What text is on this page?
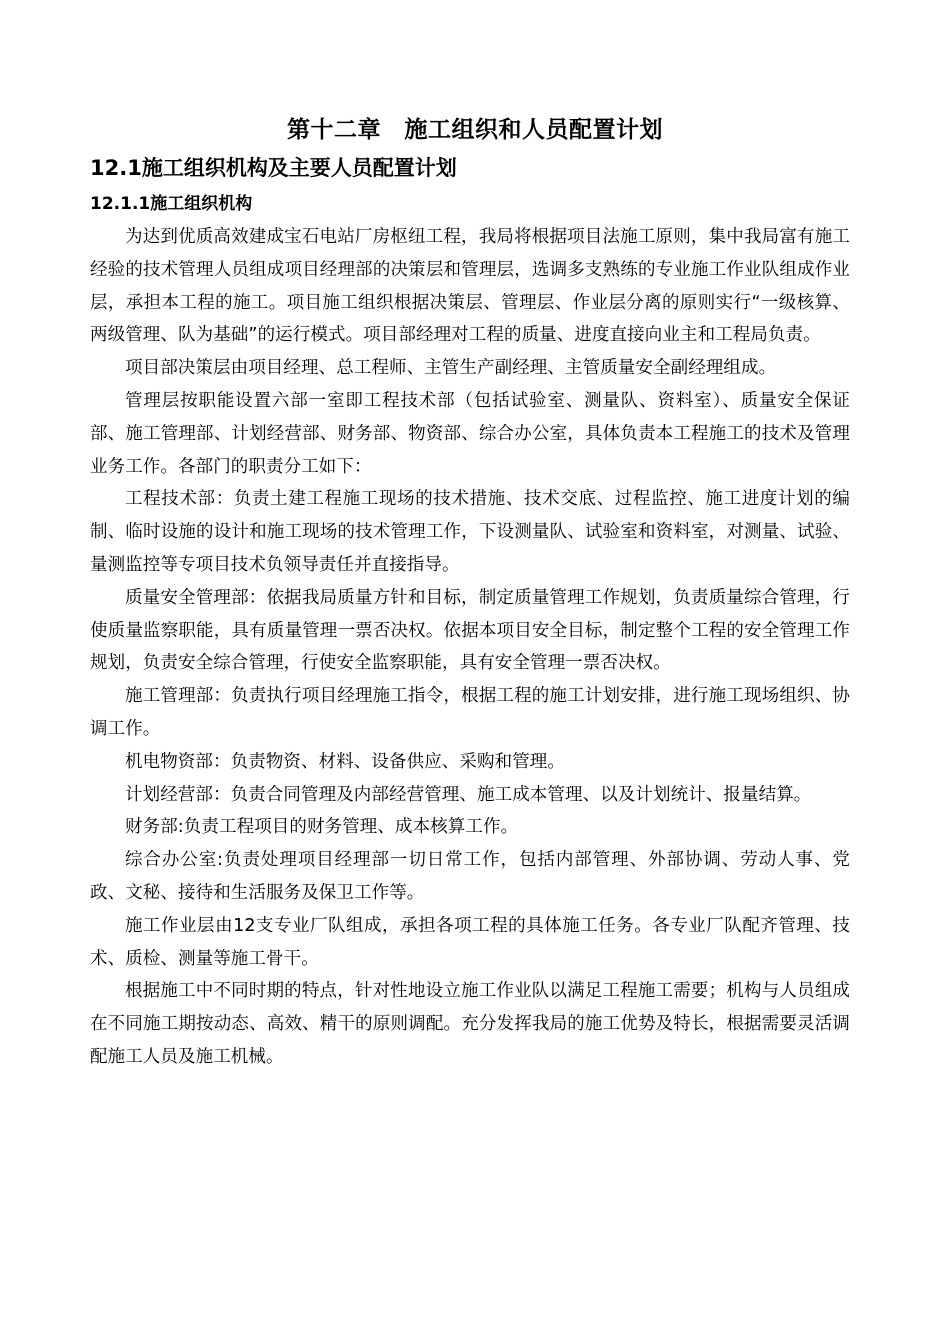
第十二章　施工组织和人员配置计划
12.1施工组织机构及主要人员配置计划
12.1.1施工组织机构

为达到优质高效建成宝石电站厂房枢纽工程，我局将根据项目法施工原则，集中我局富有施工经验的技术管理人员组成项目经理部的决策层和管理层，选调多支熟练的专业施工作业队组成作业层，承担本工程的施工。项目施工组织根据决策层、管理层、作业层分离的原则实行“一级核算、两级管理、队为基础”的运行模式。项目部经理对工程的质量、进度直接向业主和工程局负责。

项目部决策层由项目经理、总工程师、主管生产副经理、主管质量安全副经理组成。

管理层按职能设置六部一室即工程技术部（包括试验室、测量队、资料室）、质量安全保证部、施工管理部、计划经营部、财务部、物资部、综合办公室，具体负责本工程施工的技术及管理业务工作。各部门的职责分工如下：

工程技术部：负责土建工程施工现场的技术措施、技术交底、过程监控、施工进度计划的编制、临时设施的设计和施工现场的技术管理工作，下设测量队、试验室和资料室，对测量、试验、量测监控等专项目技术负领导责任并直接指导。

质量安全管理部：依据我局质量方针和目标，制定质量管理工作规划，负责质量综合管理，行使质量监察职能，具有质量管理一票否决权。依据本项目安全目标，制定整个工程的安全管理工作规划，负责安全综合管理，行使安全监察职能，具有安全管理一票否决权。

施工管理部：负责执行项目经理施工指令，根据工程的施工计划安排，进行施工现场组织、协调工作。

机电物资部：负责物资、材料、设备供应、采购和管理。

计划经营部：负责合同管理及内部经营管理、施工成本管理、以及计划统计、报量结算。

财务部:负责工程项目的财务管理、成本核算工作。

综合办公室:负责处理项目经理部一切日常工作，包括内部管理、外部协调、劳动人事、党政、文秘、接待和生活服务及保卫工作等。

施工作业层由12支专业厂队组成，承担各项工程的具体施工任务。各专业厂队配齐管理、技术、质检、测量等施工骨干。

根据施工中不同时期的特点，针对性地设立施工作业队以满足工程施工需要；机构与人员组成在不同施工期按动态、高效、精干的原则调配。充分发挥我局的施工优势及特长，根据需要灵活调配施工人员及施工机械。
